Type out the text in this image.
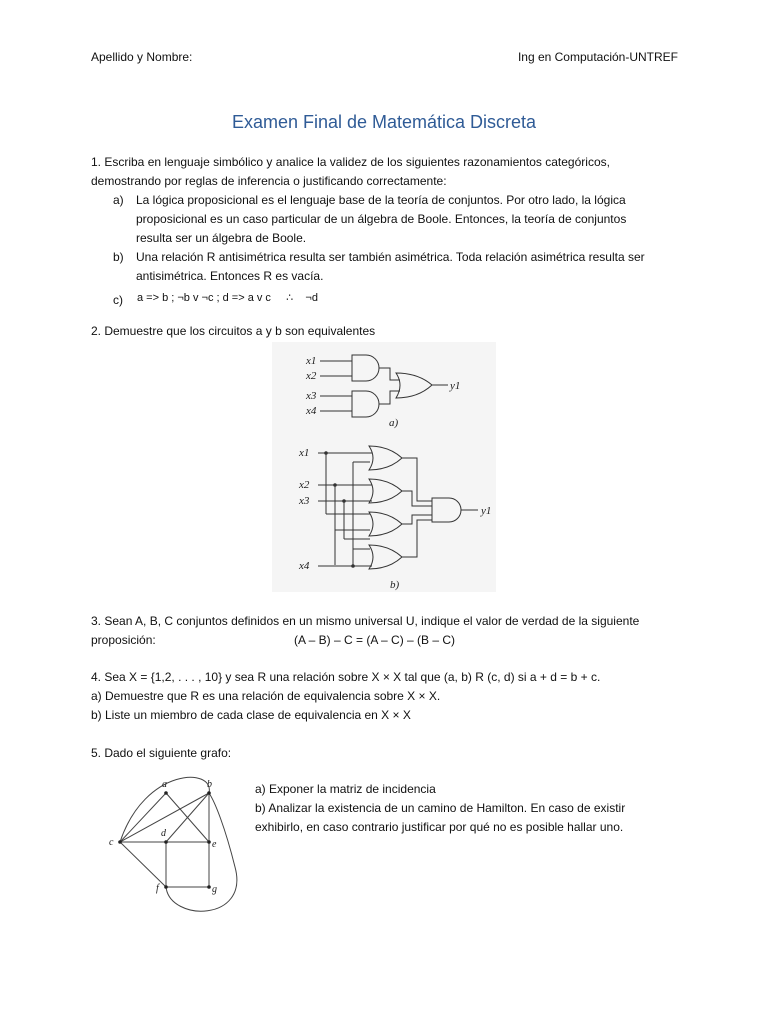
Apellido y Nombre:	Ing en Computación-UNTREF
Examen Final de Matemática Discreta
1. Escriba en lenguaje simbólico y analice la validez de los siguientes razonamientos categóricos,
demostrando por reglas de inferencia o justificando correctamente:
a) La lógica proposicional es el lenguaje base de la teoría de conjuntos. Por otro lado, la lógica
proposicional es un caso particular de un álgebra de Boole. Entonces, la teoría de conjuntos
resulta ser un álgebra de Boole.
b) Una relación R antisimétrica resulta ser también asimétrica. Toda relación asimétrica resulta ser
antisimétrica. Entonces R es vacía.
c) a => b ; ¬b v ¬c ; d => a v c     ∴    ¬d
2. Demuestre que los circuitos a y b son equivalentes
x1
x2
x3
x4
y1
a)
x1
x2
x3
x4
y1
b)
3. Sean A, B, C conjuntos definidos en un mismo universal U, indique el valor de verdad de la siguiente
proposición:	(A – B) – C = (A – C) – (B – C)
4. Sea X = {1,2, . . . , 10} y sea R una relación sobre X × X tal que (a, b) R (c, d) si a + d = b + c.
a) Demuestre que R es una relación de equivalencia sobre X × X.
b) Liste un miembro de cada clase de equivalencia en X × X
5. Dado el siguiente grafo:
a	b
c
d
e
f	g
a) Exponer la matriz de incidencia
b) Analizar la existencia de un camino de Hamilton. En caso de existir
exhibirlo, en caso contrario justificar por qué no es posible hallar uno.
